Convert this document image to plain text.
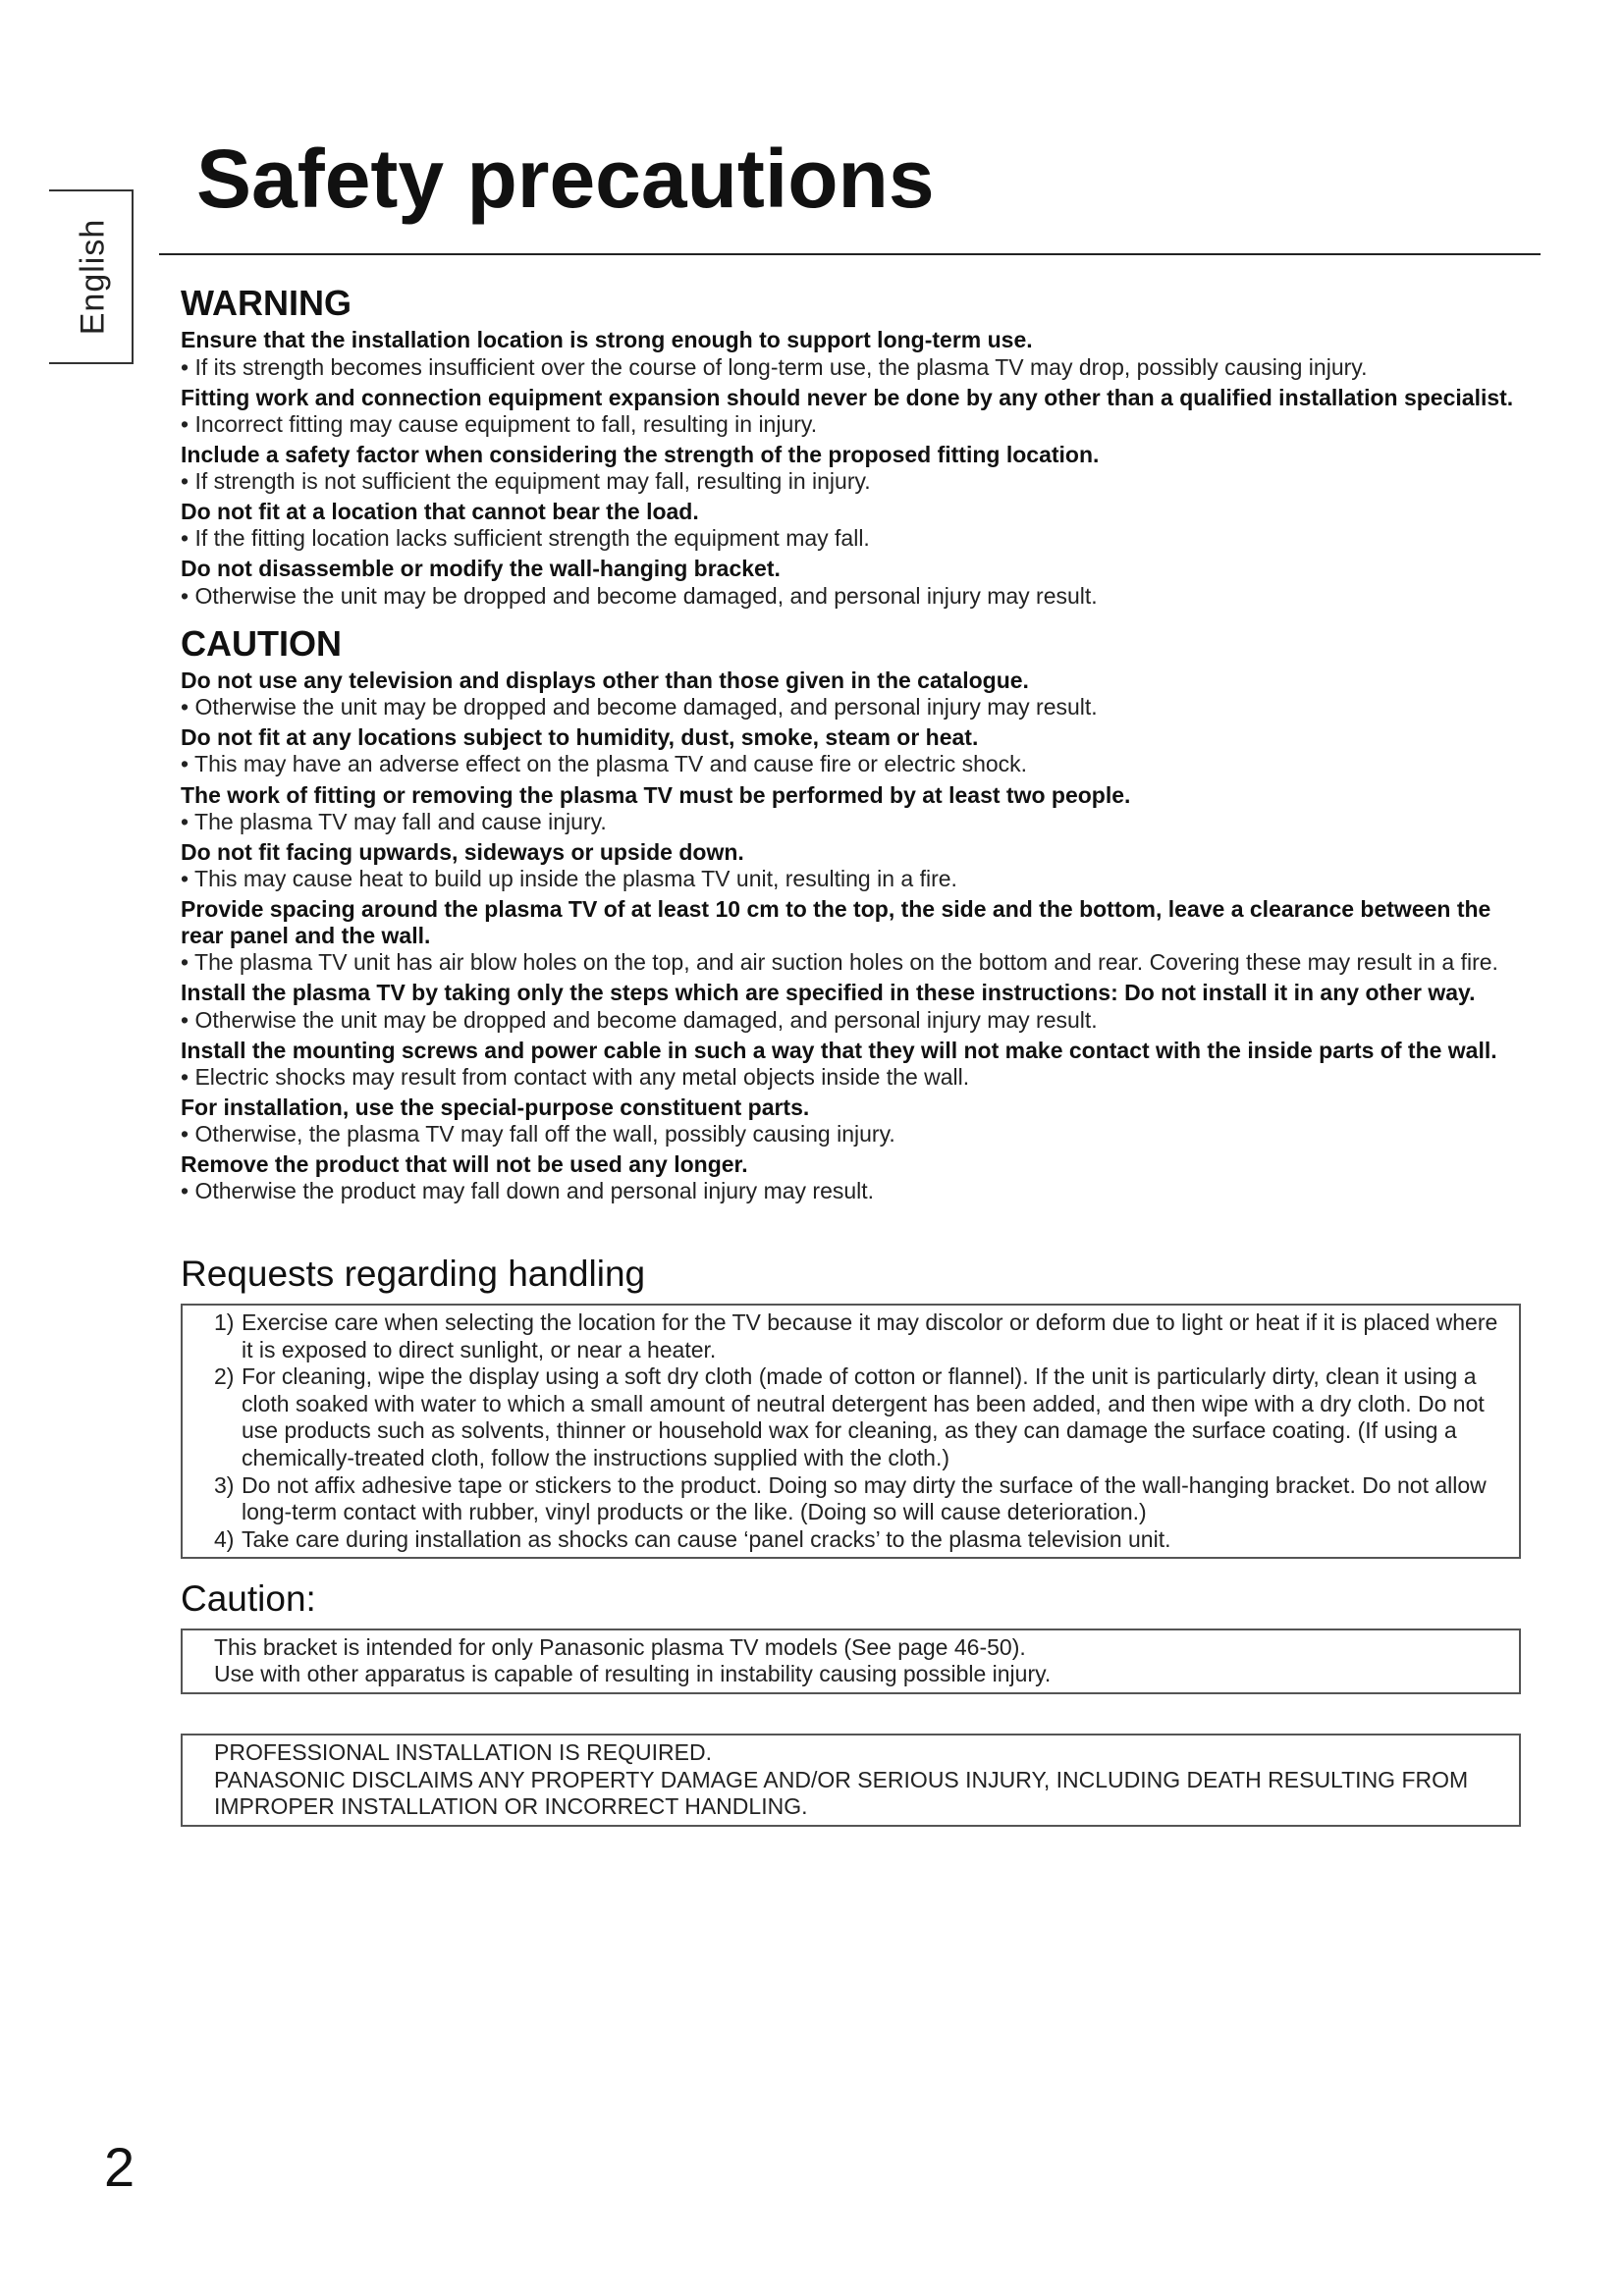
English
Safety precautions
WARNING

Ensure that the installation location is strong enough to support long-term use.

• If its strength becomes insufficient over the course of long-term use, the plasma TV may drop, possibly causing injury.

Fitting work and connection equipment expansion should never be done by any other than a qualified installation specialist.

• Incorrect fitting may cause equipment to fall, resulting in injury.

Include a safety factor when considering the strength of the proposed fitting location.

• If strength is not sufficient the equipment may fall, resulting in injury.

Do not fit at a location that cannot bear the load.

• If the fitting location lacks sufficient strength the equipment may fall.

Do not disassemble or modify the wall-hanging bracket.

• Otherwise the unit may be dropped and become damaged, and personal injury may result.

CAUTION

Do not use any television and displays other than those given in the catalogue.

• Otherwise the unit may be dropped and become damaged, and personal injury may result.

Do not fit at any locations subject to humidity, dust, smoke, steam or heat.

• This may have an adverse effect on the plasma TV and cause fire or electric shock.

The work of fitting or removing the plasma TV must be performed by at least two people.

• The plasma TV may fall and cause injury.

Do not fit facing upwards, sideways or upside down.

• This may cause heat to build up inside the plasma TV unit, resulting in a fire.

Provide spacing around the plasma TV of at least 10 cm to the top, the side and the bottom, leave a clearance between the rear panel and the wall.

• The plasma TV unit has air blow holes on the top, and air suction holes on the bottom and rear. Covering these may result in a fire.

Install the plasma TV by taking only the steps which are specified in these instructions: Do not install it in any other way.

• Otherwise the unit may be dropped and become damaged, and personal injury may result.

Install the mounting screws and power cable in such a way that they will not make contact with the inside parts of the wall.

• Electric shocks may result from contact with any metal objects inside the wall.

For installation, use the special-purpose constituent parts.

• Otherwise, the plasma TV may fall off the wall, possibly causing injury.

Remove the product that will not be used any longer.

• Otherwise the product may fall down and personal injury may result.

Requests regarding handling
1) Exercise care when selecting the location for the TV because it may discolor or deform due to light or heat if it is placed where it is exposed to direct sunlight, or near a heater.
2) For cleaning, wipe the display using a soft dry cloth (made of cotton or flannel). If the unit is particularly dirty, clean it using a cloth soaked with water to which a small amount of neutral detergent has been added, and then wipe with a dry cloth. Do not use products such as solvents, thinner or household wax for cleaning, as they can damage the surface coating. (If using a chemically-treated cloth, follow the instructions supplied with the cloth.)
3) Do not affix adhesive tape or stickers to the product. Doing so may dirty the surface of the wall-hanging bracket. Do not allow long-term contact with rubber, vinyl products or the like. (Doing so will cause deterioration.)
4) Take care during installation as shocks can cause ‘panel cracks’ to the plasma television unit.
Caution:

This bracket is intended for only Panasonic plasma TV models (See page 46-50).

Use with other apparatus is capable of resulting in instability causing possible injury.

PROFESSIONAL INSTALLATION IS REQUIRED.

PANASONIC DISCLAIMS ANY PROPERTY DAMAGE AND/OR SERIOUS INJURY, INCLUDING DEATH RESULTING FROM IMPROPER INSTALLATION OR INCORRECT HANDLING.

2
